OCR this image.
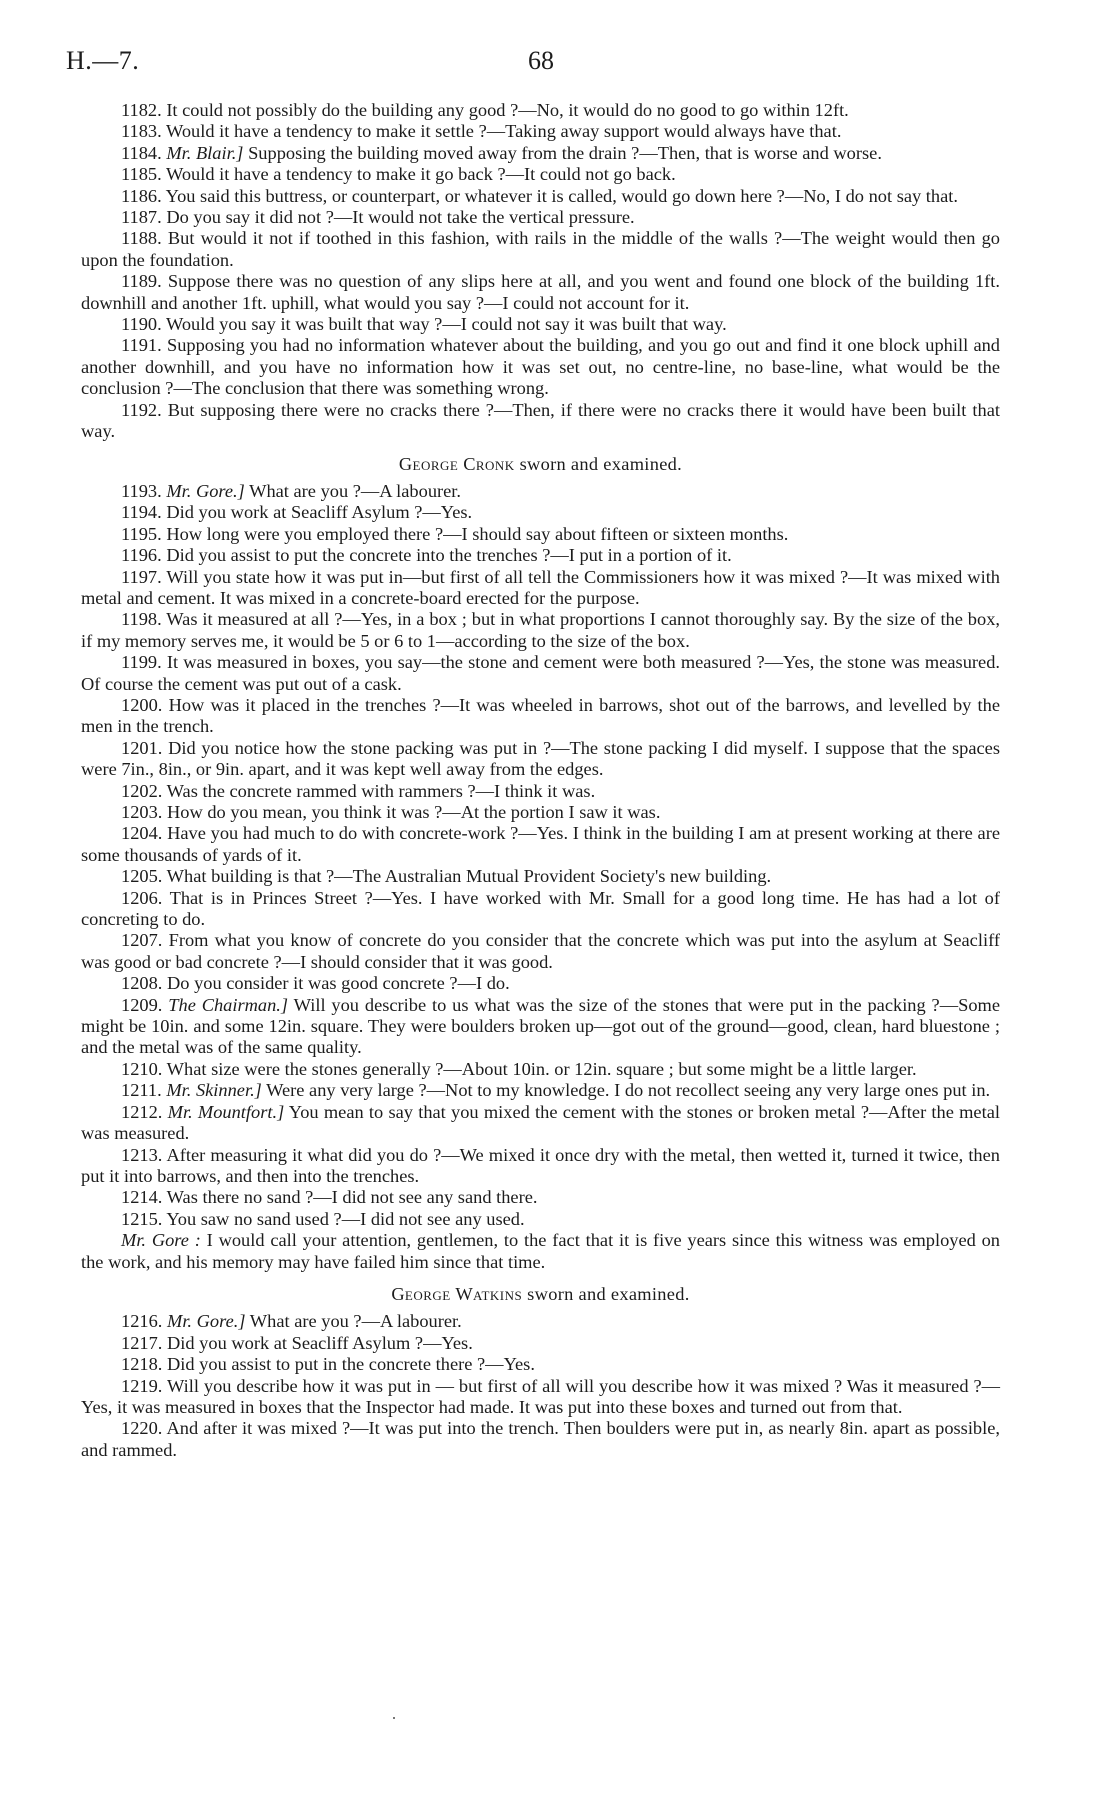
H.—7.	68

1182. It could not possibly do the building any good ?—No, it would do no good to go within 12ft.

1183. Would it have a tendency to make it settle ?—Taking away support would always have that.

1184. Mr. Blair.] Supposing the building moved away from the drain ?—Then, that is worse and worse.

1185. Would it have a tendency to make it go back ?—It could not go back.

1186. You said this buttress, or counterpart, or whatever it is called, would go down here ?—No, I do not say that.

1187. Do you say it did not ?—It would not take the vertical pressure.

1188. But would it not if toothed in this fashion, with rails in the middle of the walls ?—The weight would then go upon the foundation.

1189. Suppose there was no question of any slips here at all, and you went and found one block of the building 1ft. downhill and another 1ft. uphill, what would you say ?—I could not account for it.

1190. Would you say it was built that way ?—I could not say it was built that way.

1191. Supposing you had no information whatever about the building, and you go out and find it one block uphill and another downhill, and you have no information how it was set out, no centre-line, no base-line, what would be the conclusion ?—The conclusion that there was something wrong.

1192. But supposing there were no cracks there ?—Then, if there were no cracks there it would have been built that way.

George Cronk sworn and examined.

1193. Mr. Gore.] What are you ?—A labourer.

1194. Did you work at Seacliff Asylum ?—Yes.

1195. How long were you employed there ?—I should say about fifteen or sixteen months.

1196. Did you assist to put the concrete into the trenches ?—I put in a portion of it.

1197. Will you state how it was put in—but first of all tell the Commissioners how it was mixed ?—It was mixed with metal and cement. It was mixed in a concrete-board erected for the purpose.

1198. Was it measured at all ?—Yes, in a box ; but in what proportions I cannot thoroughly say. By the size of the box, if my memory serves me, it would be 5 or 6 to 1—according to the size of the box.

1199. It was measured in boxes, you say—the stone and cement were both measured ?—Yes, the stone was measured. Of course the cement was put out of a cask.

1200. How was it placed in the trenches ?—It was wheeled in barrows, shot out of the barrows, and levelled by the men in the trench.

1201. Did you notice how the stone packing was put in ?—The stone packing I did myself. I suppose that the spaces were 7in., 8in., or 9in. apart, and it was kept well away from the edges.

1202. Was the concrete rammed with rammers ?—I think it was.

1203. How do you mean, you think it was ?—At the portion I saw it was.

1204. Have you had much to do with concrete-work ?—Yes. I think in the building I am at present working at there are some thousands of yards of it.

1205. What building is that ?—The Australian Mutual Provident Society's new building.

1206. That is in Princes Street ?—Yes. I have worked with Mr. Small for a good long time. He has had a lot of concreting to do.

1207. From what you know of concrete do you consider that the concrete which was put into the asylum at Seacliff was good or bad concrete ?—I should consider that it was good.

1208. Do you consider it was good concrete ?—I do.

1209. The Chairman.] Will you describe to us what was the size of the stones that were put in the packing ?—Some might be 10in. and some 12in. square. They were boulders broken up—got out of the ground—good, clean, hard bluestone ; and the metal was of the same quality.

1210. What size were the stones generally ?—About 10in. or 12in. square ; but some might be a little larger.

1211. Mr. Skinner.] Were any very large ?—Not to my knowledge. I do not recollect seeing any very large ones put in.

1212. Mr. Mountfort.] You mean to say that you mixed the cement with the stones or broken metal ?—After the metal was measured.

1213. After measuring it what did you do ?—We mixed it once dry with the metal, then wetted it, turned it twice, then put it into barrows, and then into the trenches.

1214. Was there no sand ?—I did not see any sand there.

1215. You saw no sand used ?—I did not see any used.

Mr. Gore : I would call your attention, gentlemen, to the fact that it is five years since this witness was employed on the work, and his memory may have failed him since that time.

George Watkins sworn and examined.

1216. Mr. Gore.] What are you ?—A labourer.

1217. Did you work at Seacliff Asylum ?—Yes.

1218. Did you assist to put in the concrete there ?—Yes.

1219. Will you describe how it was put in — but first of all will you describe how it was mixed ? Was it measured ?—Yes, it was measured in boxes that the Inspector had made. It was put into these boxes and turned out from that.

1220. And after it was mixed ?—It was put into the trench. Then boulders were put in, as nearly 8in. apart as possible, and rammed.
